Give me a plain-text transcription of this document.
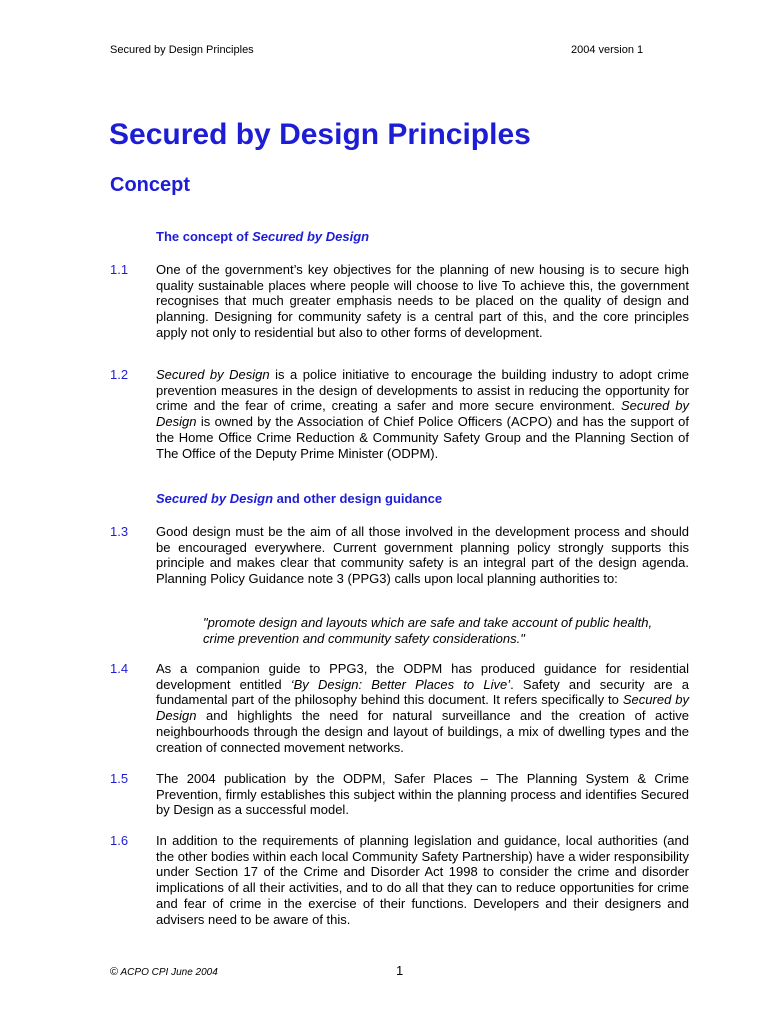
Secured by Design Principles	2004 version 1
Secured by Design Principles
Concept
The concept of Secured by Design
1.1 One of the government’s key objectives for the planning of new housing is to secure high quality sustainable places where people will choose to live To achieve this, the government recognises that much greater emphasis needs to be placed on the quality of design and planning. Designing for community safety is a central part of this, and the core principles apply not only to residential but also to other forms of development.
1.2 Secured by Design is a police initiative to encourage the building industry to adopt crime prevention measures in the design of developments to assist in reducing the opportunity for crime and the fear of crime, creating a safer and more secure environment. Secured by Design is owned by the Association of Chief Police Officers (ACPO) and has the support of the Home Office Crime Reduction & Community Safety Group and the Planning Section of The Office of the Deputy Prime Minister (ODPM).
Secured by Design and other design guidance
1.3 Good design must be the aim of all those involved in the development process and should be encouraged everywhere. Current government planning policy strongly supports this principle and makes clear that community safety is an integral part of the design agenda. Planning Policy Guidance note 3 (PPG3) calls upon local planning authorities to:
"promote design and layouts which are safe and take account of public health, crime prevention and community safety considerations."
1.4 As a companion guide to PPG3, the ODPM has produced guidance for residential development entitled ‘By Design: Better Places to Live’. Safety and security are a fundamental part of the philosophy behind this document. It refers specifically to Secured by Design and highlights the need for natural surveillance and the creation of active neighbourhoods through the design and layout of buildings, a mix of dwelling types and the creation of connected movement networks.
1.5 The 2004 publication by the ODPM, Safer Places – The Planning System & Crime Prevention, firmly establishes this subject within the planning process and identifies Secured by Design as a successful model.
1.6 In addition to the requirements of planning legislation and guidance, local authorities (and the other bodies within each local Community Safety Partnership) have a wider responsibility under Section 17 of the Crime and Disorder Act 1998 to consider the crime and disorder implications of all their activities, and to do all that they can to reduce opportunities for crime and fear of crime in the exercise of their functions. Developers and their designers and advisers need to be aware of this.
© ACPO CPI June 2004	1
